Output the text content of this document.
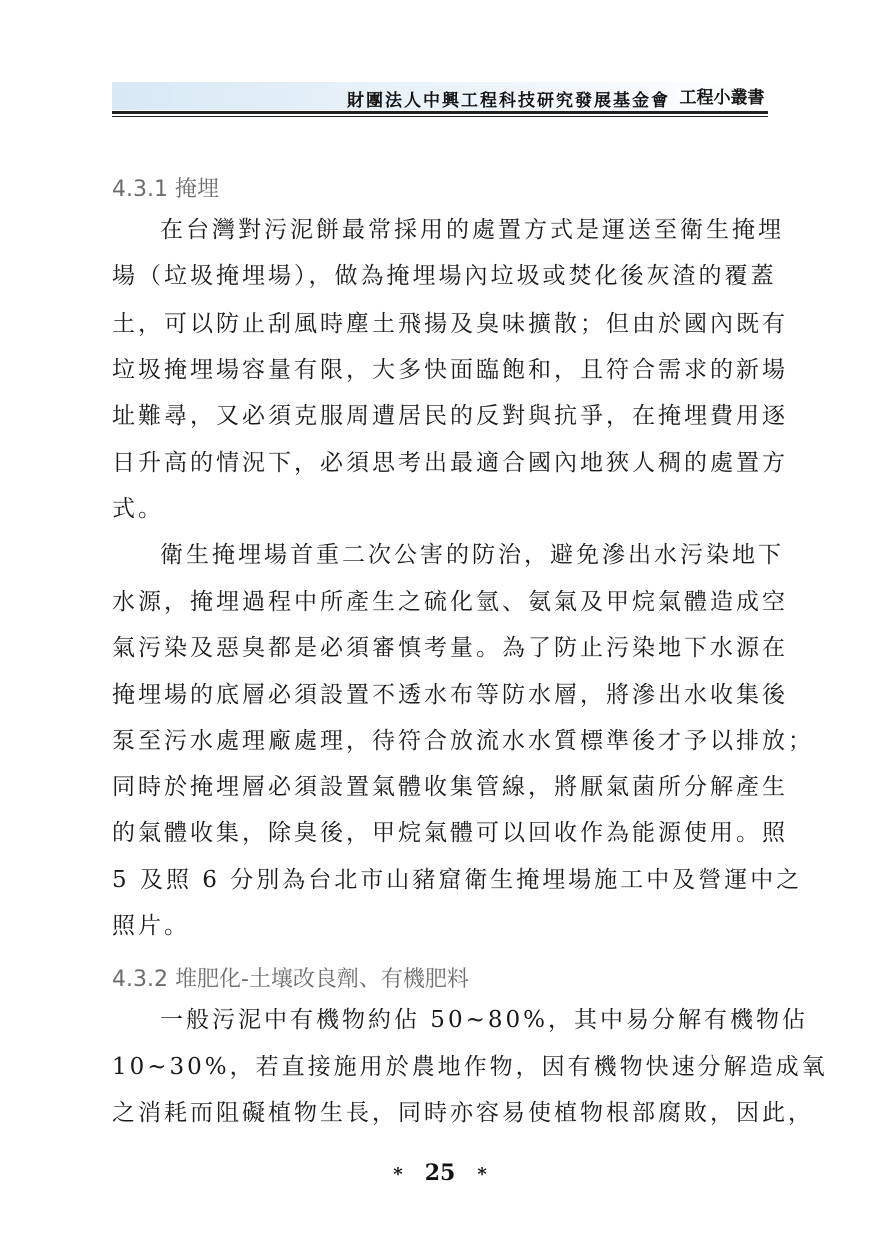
財團法人中興工程科技研究發展基金會 工程小叢書
4.3.1 掩埋
在台灣對污泥餅最常採用的處置方式是運送至衛生掩埋
場（垃圾掩埋場），做為掩埋場內垃圾或焚化後灰渣的覆蓋
土，可以防止刮風時塵土飛揚及臭味擴散；但由於國內既有
垃圾掩埋場容量有限，大多快面臨飽和，且符合需求的新場
址難尋，又必須克服周遭居民的反對與抗爭，在掩埋費用逐
日升高的情況下，必須思考出最適合國內地狹人稠的處置方
式。
衛生掩埋場首重二次公害的防治，避免滲出水污染地下
水源，掩埋過程中所產生之硫化氫、氨氣及甲烷氣體造成空
氣污染及惡臭都是必須審慎考量。為了防止污染地下水源在
掩埋場的底層必須設置不透水布等防水層，將滲出水收集後
泵至污水處理廠處理，待符合放流水水質標準後才予以排放；
同時於掩埋層必須設置氣體收集管線，將厭氣菌所分解產生
的氣體收集，除臭後，甲烷氣體可以回收作為能源使用。照
5 及照 6 分別為台北市山豬窟衛生掩埋場施工中及營運中之
照片。
4.3.2 堆肥化-土壤改良劑、有機肥料
一般污泥中有機物約佔 50~80%，其中易分解有機物佔
10~30%，若直接施用於農地作物，因有機物快速分解造成氧
之消耗而阻礙植物生長，同時亦容易使植物根部腐敗，因此，
* 25 *
